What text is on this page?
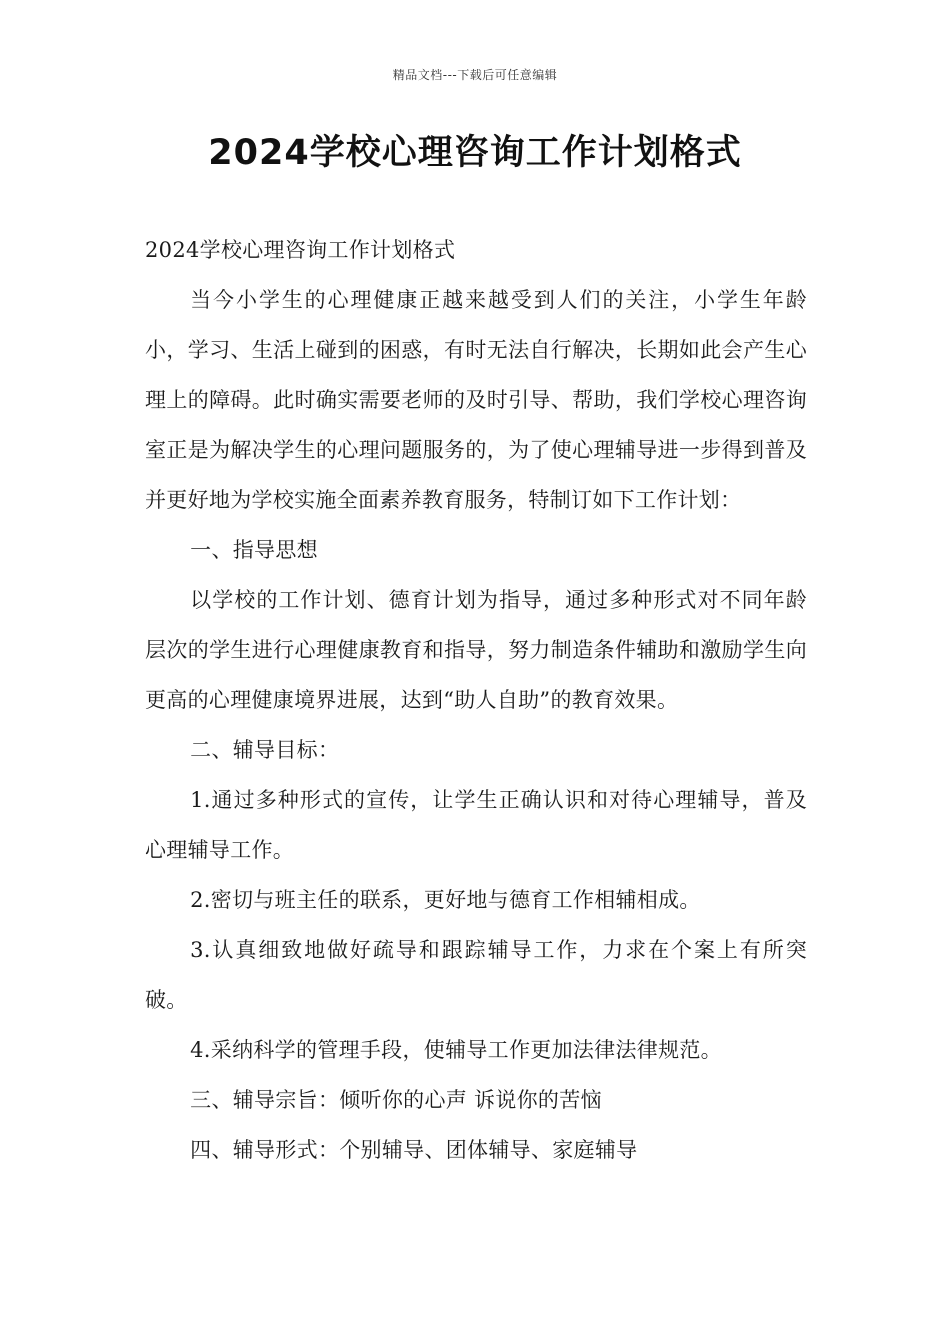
精品文档---下载后可任意编辑
2024学校心理咨询工作计划格式

2024学校心理咨询工作计划格式

当今小学生的心理健康正越来越受到人们的关注，小学生年龄小，学习、生活上碰到的困惑，有时无法自行解决，长期如此会产生心理上的障碍。此时确实需要老师的及时引导、帮助，我们学校心理咨询室正是为解决学生的心理问题服务的，为了使心理辅导进一步得到普及并更好地为学校实施全面素养教育服务，特制订如下工作计划：

一、指导思想

以学校的工作计划、德育计划为指导，通过多种形式对不同年龄层次的学生进行心理健康教育和指导，努力制造条件辅助和激励学生向更高的心理健康境界进展，达到“助人自助”的教育效果。

二、辅导目标：

1.通过多种形式的宣传，让学生正确认识和对待心理辅导，普及心理辅导工作。

2.密切与班主任的联系，更好地与德育工作相辅相成。

3.认真细致地做好疏导和跟踪辅导工作，力求在个案上有所突破。

4.采纳科学的管理手段，使辅导工作更加法律法律规范。

三、辅导宗旨：倾听你的心声 诉说你的苦恼

四、辅导形式：个别辅导、团体辅导、家庭辅导
